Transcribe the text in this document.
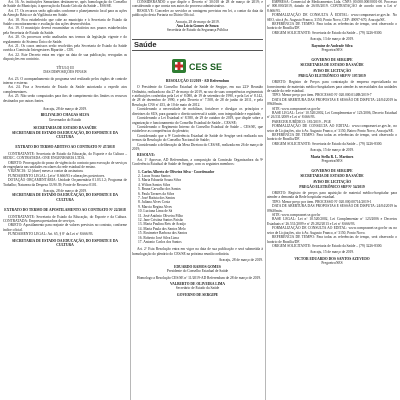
Art. 16. As instituições Samaritans destinam-se, após homologação do Conselho de Saúde do Município, à aprovação da Estado Grícola da Saúde – ESS/SE.

Art. 17. Os recursos serão aplicados conforme o planejamento local para as ações da Atenção Básica e da Vigilância em Saúde.

Art. 18. Fica estabelecido que cabe ao município e à Secretaria de Estado da Saúde o monitoramento e avaliação das ações desenvolvidas.

Art. 19. O município deverá encaminhar os relatórios nos prazos estabelecidos pela Secretaria de Estado da Saúde.

Art. 20. Os processos serão analisados nos termos da legislação vigente e do regulamento do Sistema Único de Saúde.

Art. 21. Os casos omissos serão resolvidos pela Secretaria de Estado da Saúde ouvida a Comissão Intergestores Bipartite – CIB.

Art. 22. Este Decreto entra em vigor na data de sua publicação, revogadas as disposições em contrário.

TÍTULO III

DAS DISPOSIÇÕES FINAIS

Art. 23. O acompanhamento do programa será realizado pelos órgãos de controle interno e externo.

Art. 24. Fica a Secretaria de Estado da Saúde autorizada a expedir atos complementares.

Art. 25. Não serão computados para fins de cumprimento dos limites os recursos destinados por outras fontes.

Aracaju, 28 de março de 2019.

BELIVALDO CHAGAS SILVA

Governador do Estado

SECRETARIA DE ESTADO DA SAÚDE

SECRETARIA DE ESTADO DA EDUCAÇÃO, DO ESPORTE E DA CULTURA

EXTRATO DO TERMO ADITIVO AO CONTRATO Nº 47/2018

CONTRATANTE: Secretaria de Estado da Educação, do Esporte e da Cultura – SEDUC. CONTRATADA: ONE ENGENHARIA LTDA.

OBJETO: Prorrogação do prazo de vigência do contrato para execução de serviços de engenharia nas unidades escolares da rede estadual de ensino.

VIGÊNCIA: 12 (doze) meses a contar da assinatura.

FUNDAMENTO LEGAL: Lei nº 8.666/93 e alterações posteriores.

DOTAÇÃO ORÇAMENTÁRIA: Unidade Orçamentária 01.03.1.2; Programa de Trabalho; Natureza da Despesa 33.90.39; Fonte de Recurso 0101.

Aracaju, 28 de março de 2019.

SECRETARIA DE ESTADO DA EDUCAÇÃO, DO ESPORTE E DA CULTURA

EXTRATO DO TERMO DE APOSTILAMENTO AO CONTRATO Nº 22/2018

CONTRATANTE: Secretaria de Estado da Educação, do Esporte e da Cultura. CONTRATADA: Empresa prestadora de serviços.

OBJETO: Apostilamento para reajuste de valores previstos no contrato, conforme índice oficial.

FUNDAMENTO LEGAL: Art. 65, § 8º da Lei nº 8.666/93.

SECRETARIA DE ESTADO DA EDUCAÇÃO, DO ESPORTE E DA CULTURA

CONSIDERANDO o que dispõe o Decreto nº 30.018 de 28 de março de 2019; e considerando o que consta nos autos do processo administrativo.

RESOLVE: Conceder ao servidor as vantagens previstas em lei, a contar da data da publicação desta Portaria no Diário Oficial.

Aracaju, 28 de março de 2019.

Ana Lúcia Gomes de Souza

Secretária de Estado da Segurança Pública

Saúde
CES SE

RESOLUÇÃO 11/2019 - AD Referendum

O Presidente do Conselho Estadual de Saúde de Sergipe, em sua 223ª Reunião Ordinária, realizada no dia 27 de março de 2019, no uso de suas competências regimentais e atribuições conferidas pela Lei nº 8.080, de 19 de setembro de 1990, e pela Lei nº 8.142, de 28 de dezembro de 1990, e pelo Decreto nº 7.508, de 28 de junho de 2011, e pela Resolução CNS nº 453, de 10 de maio de 2012.

Considerando a necessidade de mobilizar, fortalecer e divulgar os princípios e diretrizes do SUS, para garantir o direito universal à saúde, com integralidade e equidade;

Considerando a Lei Estadual nº 8.580, de 29 de outubro de 2019, que dispõe sobre a organização e funcionamento do Conselho Estadual de Saúde – CES/SE;

Considerando o Regimento Interno do Conselho Estadual de Saúde – CES/SE, que estabelece as competências do plenário;

Considerando que a 9ª Conferência Estadual de Saúde de Sergipe será realizada nos termos da Resolução do Conselho Nacional de Saúde;

Considerando a deliberação da Mesa Diretora do CES/SE, realizada em 26 de março de 2019;

RESOLVE:

Art. 1º Aprovar, AD Referendum, a composição da Comissão Organizadora da 9ª Conferência Estadual de Saúde de Sergipe, com os seguintes membros:

1. Carlos Alberto de Oliveira Silva - Coordenador
2. Lucas Souza Santos
3. Maria Eduarda Souza Silva
4. Wilton Santos Silva
5. Bruna Carvalho dos Santos
6. Paula Tavares da Silva
7. José Batista dos Santos
8. Juliana Alves Costa
9. Marcia Regina Alves
10. Luciana Lima de Sá
11. José Antônio Oliveira Filho
12. Jane Cristina Santos Paixão
13. Maria Paulina Reis de Araújo
14. Maria Paula dos Santos Melo
15. Rosimeire Barbosa dos Santos
16. Roberto José Silva Lima
17. Antonio Carlos dos Santos

Art. 2º Esta Resolução entra em vigor na data de sua publicação e será submetida à homologação do plenário do CES/SE na próxima reunião ordinária.

Aracaju, 28 de março de 2019.

EDUARDO RAMOS GOMES

Presidente do Conselho Estadual de Saúde

Homologo a Resolução CES/SE nº 11/2019-AD Referendum de 28 de março de 2019.

VALBERTO DE OLIVEIRA LIMA

Secretário de Estado da Saúde

GOVERNO DE SERGIPE

EMPRESA: Comercial de Medicamentos Ltda. CNPJ: 00.000.000/0001-00. Processo nº 000.000/2019, datado de 26/03/2019. CONTRATAÇÃO de acordo com a Lei nº 8.666/93.

FORMALIZAÇÃO DE CONSULTA À EDITAL: www.comprasnet.se.gov.br. No SEO, sito à Av. Augusto Franco, 3150, Ponto Novo, CEP: 49097-670, Aracaju/SE.

REFERÊNCIA DE TEMPO: Para todas as referências de tempo, será observado o horário de Brasília/DF.

ORIGEM SOLICITANTE: Secretaria de Estado da Saúde – (79) 3226-8300.

Aracaju, 13 de março de 2019.

Raymine de Andrade Silva

Pregoeira/SES

GOVERNO DE SERGIPE

SECRETARIA DE ESTADO DA SAÚDE

AVISO DE LICITAÇÃO

PREGÃO ELETRÔNICO SRP Nº 107/2019

OBJETO: Registro de Preços para contratação de empresa especializada no fornecimento de materiais médico-hospitalares para atender às necessidades das unidades de saúde da rede estadual.

TIPO: Menor preço por item. PROCESSO Nº 020.000.01488/2019-7

DATA DE ABERTURA DAS PROPOSTAS E SESSÃO DE DISPUTA: 24/04/2019 às 09h30min.

SITE: www.comprasnet.se.gov.br

BASE LEGAL: Lei nº 10.520/2002, Lei Complementar nº 123/2006, Decreto Estadual nº 26.531/2009 e Lei nº 8.666/93.

PARECER JURÍDICO: 181/2019 – PGE

FORMALIZAÇÃO DE CONSULTA AO EDITAL: www.comprasnet.se.gov.br, no setor de Licitações, sito à Av. Augusto Franco, nº 3150, Bairro Ponto Novo, Aracaju/SE.

REFERÊNCIA DE TEMPO: Para todas as referências de tempo, será observado o horário de Brasília/DF.

ORIGEM SOLICITANTE: Secretaria de Estado da Saúde – (79) 3226-8300.

Aracaju, 15 de março de 2019.

Maria Stella R. L. Martinez

Pregoeira/SES

GOVERNO DE SERGIPE

SECRETARIA DE ESTADO DA SAÚDE

AVISO DE LICITAÇÃO

PREGÃO ELETRÔNICO SRP Nº 54/2019

OBJETO: Registro de preços para aquisição de material médico-hospitalar para atender a demanda da Rede hospitalar estadual.

TIPO: Menor preço por item. PROCESSO Nº 020.000.00714/2019-1

DATA DE ABERTURA DAS PROPOSTAS E SESSÃO DE DISPUTA: 24/04/2019 às 09h30min.

SITE: www.comprasnet.se.gov.br

BASE LEGAL: Lei nº 10.520/2002, Lei Complementar nº 123/2006 e Decretos Estaduais nº 26.531/2009 e nº 29.282/2013 e Lei nº 8.666/93.

FORMALIZAÇÃO DE CONSULTA AO EDITAL: www.comprasnet.se.gov.br ou no setor de Licitações, sito à Av. Augusto Franco, nº 3150, Ponto Novo.

REFERÊNCIA DE TEMPO: Para todas as referências de tempo, será observado o horário de Brasília/DF.

ORIGEM SOLICITANTE: Secretaria de Estado da Saúde – (79) 3226-8300.

Aracaju, 15 de março de 2019.

VICTOR EDUARDO DOS SANTOS AZEVEDO

Pregoeiro/SES
